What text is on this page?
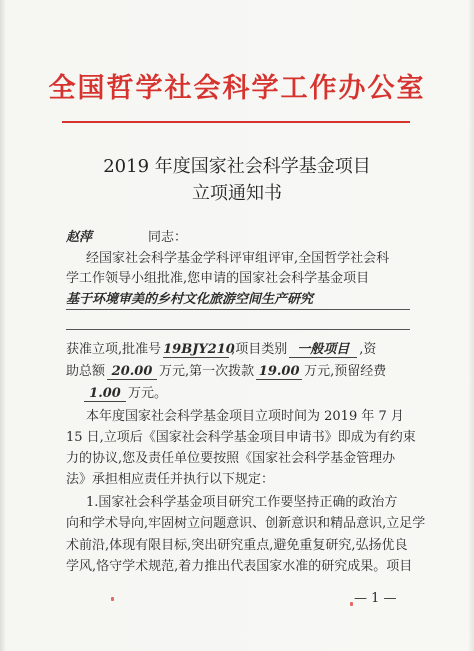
全国哲学社会科学工作办公室
2019 年度国家社会科学基金项目
立项通知书
赵萍	同志：
经国家社会科学基金学科评审组评审,全国哲学社会科
学工作领导小组批准,您申请的国家社会科学基金项目
基于环境审美的乡村文化旅游空间生产研究
获准立项,批准号 19BJY210,项目类别 一般项目 ,资
助总额 20.00 万元,第一次拨款 19.00 万元,预留经费
1.00 万元。
本年度国家社会科学基金项目立项时间为 2019 年 7 月
15 日,立项后《国家社会科学基金项目申请书》即成为有约束
力的协议,您及责任单位要按照《国家社会科学基金管理办
法》承担相应责任并执行以下规定：
1.国家社会科学基金项目研究工作要坚持正确的政治方
向和学术导向,牢固树立问题意识、创新意识和精品意识,立足学
术前沿,体现有限目标,突出研究重点,避免重复研究,弘扬优良
学风,恪守学术规范,着力推出代表国家水准的研究成果。项目
— 1 —
